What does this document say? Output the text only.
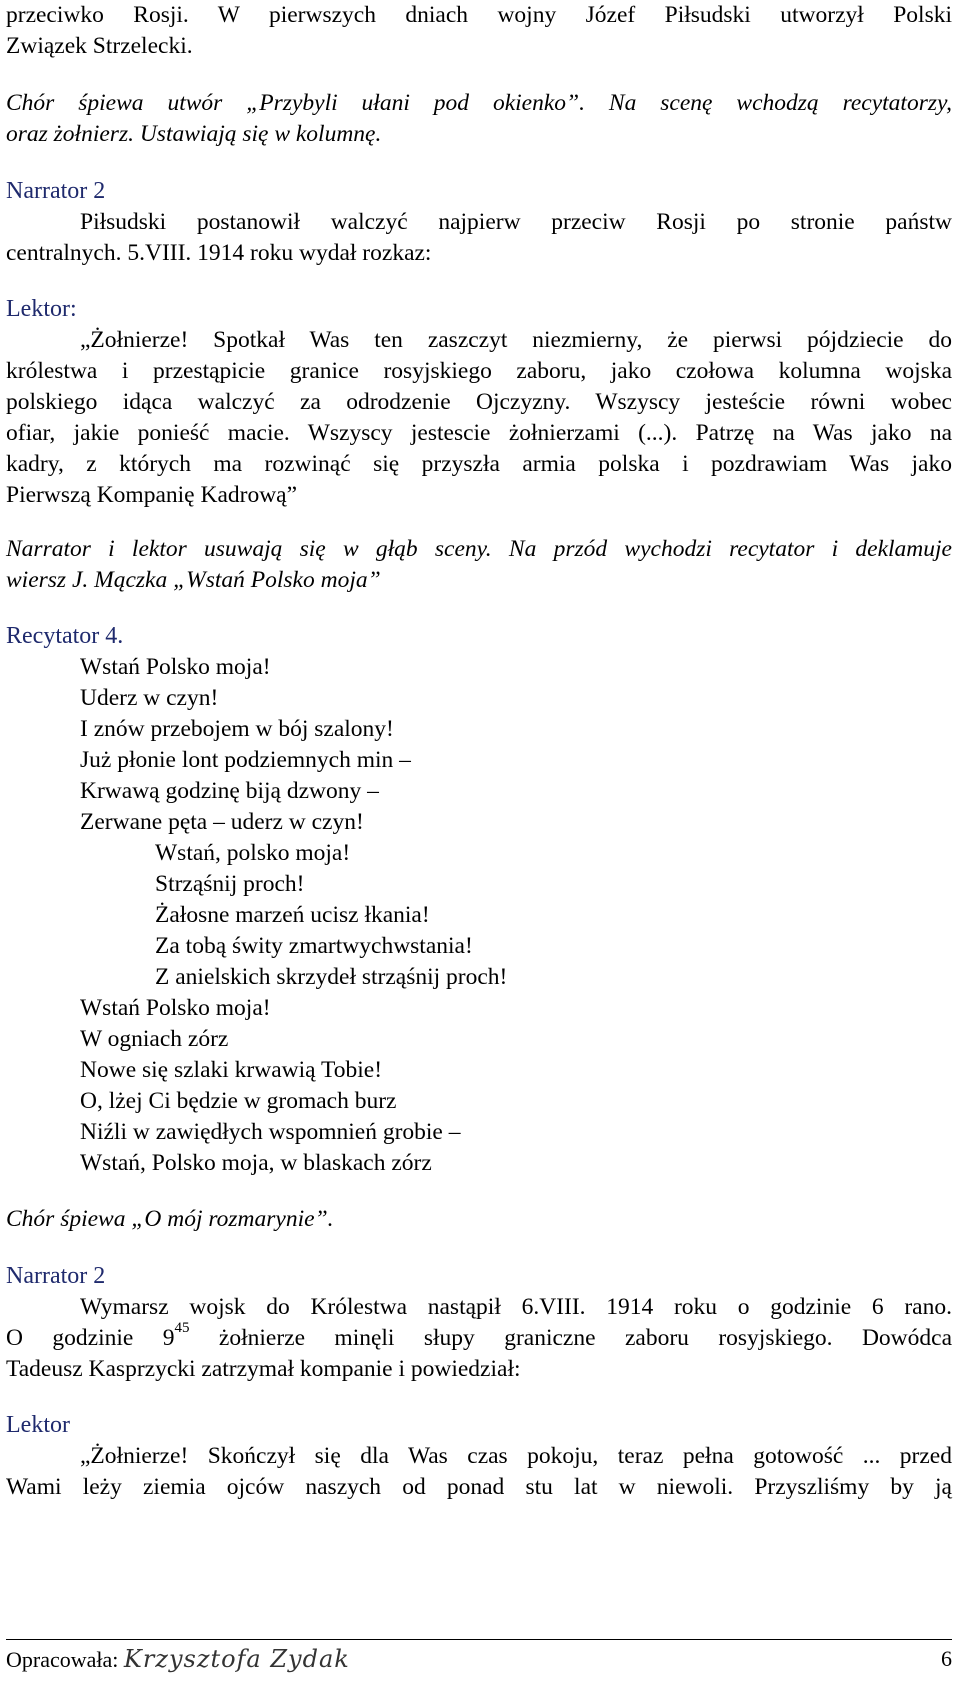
przeciwko Rosji. W pierwszych dniach wojny Józef Piłsudski utworzył Polski
Związek Strzelecki.
Chór śpiewa utwór „Przybyli ułani pod okienko”. Na scenę wchodzą recytatorzy,
oraz żołnierz. Ustawiają się w kolumnę.
Narrator 2
Piłsudski postanowił walczyć najpierw przeciw Rosji po stronie państw
centralnych. 5.VIII. 1914 roku wydał rozkaz:
Lektor:
„Żołnierze! Spotkał Was ten zaszczyt niezmierny, że pierwsi pójdziecie do
królestwa i przestąpicie granice rosyjskiego zaboru, jako czołowa kolumna wojska
polskiego idąca walczyć za odrodzenie Ojczyzny. Wszyscy jesteście równi wobec
ofiar, jakie ponieść macie. Wszyscy jestescie żołnierzami (...). Patrzę na Was jako na
kadry, z których ma rozwinąć się przyszła armia polska i pozdrawiam Was jako
Pierwszą Kompanię Kadrową”
Narrator i lektor usuwają się w głąb sceny. Na przód wychodzi recytator i deklamuje
wiersz J. Mączka „Wstań Polsko moja”
Recytator 4.
Wstań Polsko moja!
Uderz w czyn!
I znów przebojem w bój szalony!
Już płonie lont podziemnych min –
Krwawą godzinę biją dzwony –
Zerwane pęta – uderz w czyn!
Wstań, polsko moja!
Strząśnij proch!
Żałosne marzeń ucisz łkania!
Za tobą świty zmartwychwstania!
Z anielskich skrzydeł strząśnij proch!
Wstań Polsko moja!
W ogniach zórz
Nowe się szlaki krwawią Tobie!
O, lżej Ci będzie w gromach burz
Niźli w zawiędłych wspomnień grobie –
Wstań, Polsko moja, w blaskach zórz
Chór śpiewa „O mój rozmarynie”.
Narrator 2
Wymarsz wojsk do Królestwa nastąpił 6.VIII. 1914 roku o godzinie 6 rano.
O godzinie $9^{45}$ żołnierze minęli słupy graniczne zaboru rosyjskiego. Dowódca
Tadeusz Kasprzycki zatrzymał kompanie i powiedział:
Lektor
„Żołnierze! Skończył się dla Was czas pokoju, teraz pełna gotowość ... przed
Wami leży ziemia ojców naszych od ponad stu lat w niewoli. Przyszliśmy by ją
Opracowała: Krzysztofa Zydak	6
